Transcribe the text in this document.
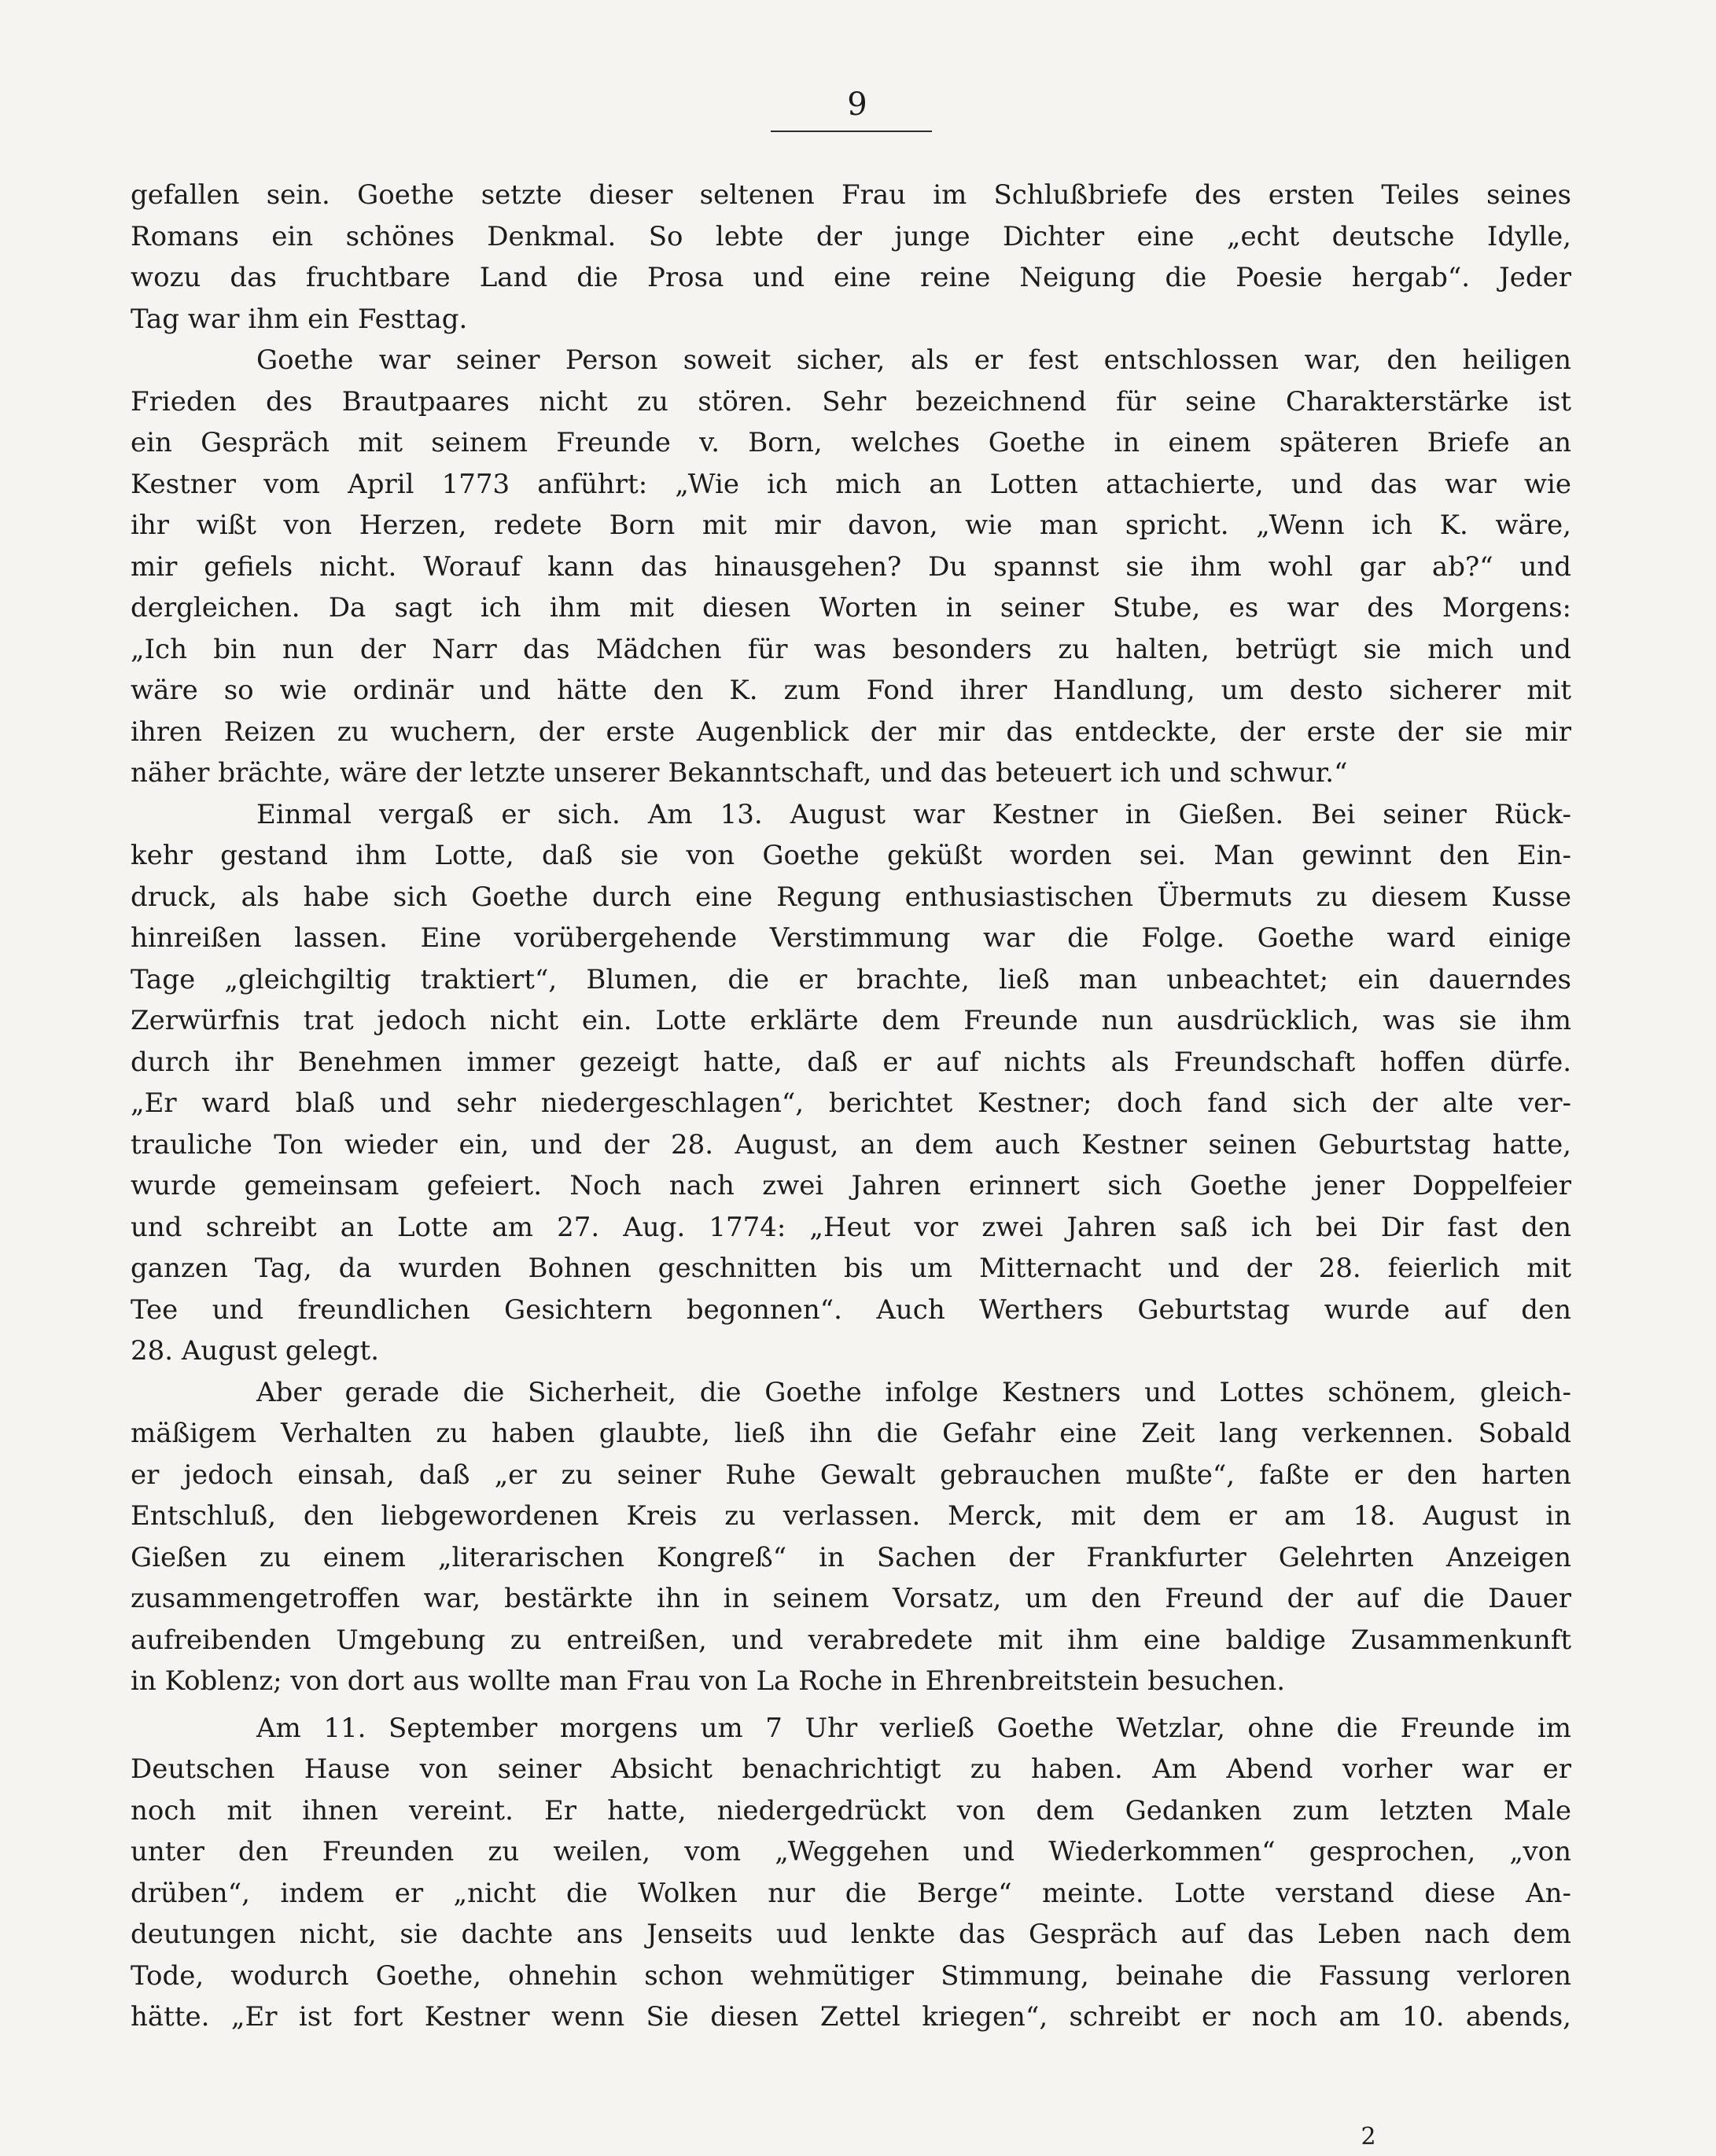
9
gefallen sein. Goethe setzte dieser seltenen Frau im Schlußbriefe des ersten Teiles seines
Romans ein schönes Denkmal. So lebte der junge Dichter eine „echt deutsche Idylle,
wozu das fruchtbare Land die Prosa und eine reine Neigung die Poesie hergab“. Jeder
Tag war ihm ein Festtag.
Goethe war seiner Person soweit sicher, als er fest entschlossen war, den heiligen
Frieden des Brautpaares nicht zu stören. Sehr bezeichnend für seine Charakterstärke ist
ein Gespräch mit seinem Freunde v. Born, welches Goethe in einem späteren Briefe an
Kestner vom April 1773 anführt: „Wie ich mich an Lotten attachierte, und das war wie
ihr wißt von Herzen, redete Born mit mir davon, wie man spricht. „Wenn ich K. wäre,
mir gefiels nicht. Worauf kann das hinausgehen? Du spannst sie ihm wohl gar ab?“ und
dergleichen. Da sagt ich ihm mit diesen Worten in seiner Stube, es war des Morgens:
„Ich bin nun der Narr das Mädchen für was besonders zu halten, betrügt sie mich und
wäre so wie ordinär und hätte den K. zum Fond ihrer Handlung, um desto sicherer mit
ihren Reizen zu wuchern, der erste Augenblick der mir das entdeckte, der erste der sie mir
näher brächte, wäre der letzte unserer Bekanntschaft, und das beteuert ich und schwur.“
Einmal vergaß er sich. Am 13. August war Kestner in Gießen. Bei seiner Rück-
kehr gestand ihm Lotte, daß sie von Goethe geküßt worden sei. Man gewinnt den Ein-
druck, als habe sich Goethe durch eine Regung enthusiastischen Übermuts zu diesem Kusse
hinreißen lassen. Eine vorübergehende Verstimmung war die Folge. Goethe ward einige
Tage „gleichgiltig traktiert“, Blumen, die er brachte, ließ man unbeachtet; ein dauerndes
Zerwürfnis trat jedoch nicht ein. Lotte erklärte dem Freunde nun ausdrücklich, was sie ihm
durch ihr Benehmen immer gezeigt hatte, daß er auf nichts als Freundschaft hoffen dürfe.
„Er ward blaß und sehr niedergeschlagen“, berichtet Kestner; doch fand sich der alte ver-
trauliche Ton wieder ein, und der 28. August, an dem auch Kestner seinen Geburtstag hatte,
wurde gemeinsam gefeiert. Noch nach zwei Jahren erinnert sich Goethe jener Doppelfeier
und schreibt an Lotte am 27. Aug. 1774: „Heut vor zwei Jahren saß ich bei Dir fast den
ganzen Tag, da wurden Bohnen geschnitten bis um Mitternacht und der 28. feierlich mit
Tee und freundlichen Gesichtern begonnen“. Auch Werthers Geburtstag wurde auf den
28. August gelegt.
Aber gerade die Sicherheit, die Goethe infolge Kestners und Lottes schönem, gleich-
mäßigem Verhalten zu haben glaubte, ließ ihn die Gefahr eine Zeit lang verkennen. Sobald
er jedoch einsah, daß „er zu seiner Ruhe Gewalt gebrauchen mußte“, faßte er den harten
Entschluß, den liebgewordenen Kreis zu verlassen. Merck, mit dem er am 18. August in
Gießen zu einem „literarischen Kongreß“ in Sachen der Frankfurter Gelehrten Anzeigen
zusammengetroffen war, bestärkte ihn in seinem Vorsatz, um den Freund der auf die Dauer
aufreibenden Umgebung zu entreißen, und verabredete mit ihm eine baldige Zusammenkunft
in Koblenz; von dort aus wollte man Frau von La Roche in Ehrenbreitstein besuchen.
Am 11. September morgens um 7 Uhr verließ Goethe Wetzlar, ohne die Freunde im
Deutschen Hause von seiner Absicht benachrichtigt zu haben. Am Abend vorher war er
noch mit ihnen vereint. Er hatte, niedergedrückt von dem Gedanken zum letzten Male
unter den Freunden zu weilen, vom „Weggehen und Wiederkommen“ gesprochen, „von
drüben“, indem er „nicht die Wolken nur die Berge“ meinte. Lotte verstand diese An-
deutungen nicht, sie dachte ans Jenseits uud lenkte das Gespräch auf das Leben nach dem
Tode, wodurch Goethe, ohnehin schon wehmütiger Stimmung, beinahe die Fassung verloren
hätte. „Er ist fort Kestner wenn Sie diesen Zettel kriegen“, schreibt er noch am 10. abends,
2
